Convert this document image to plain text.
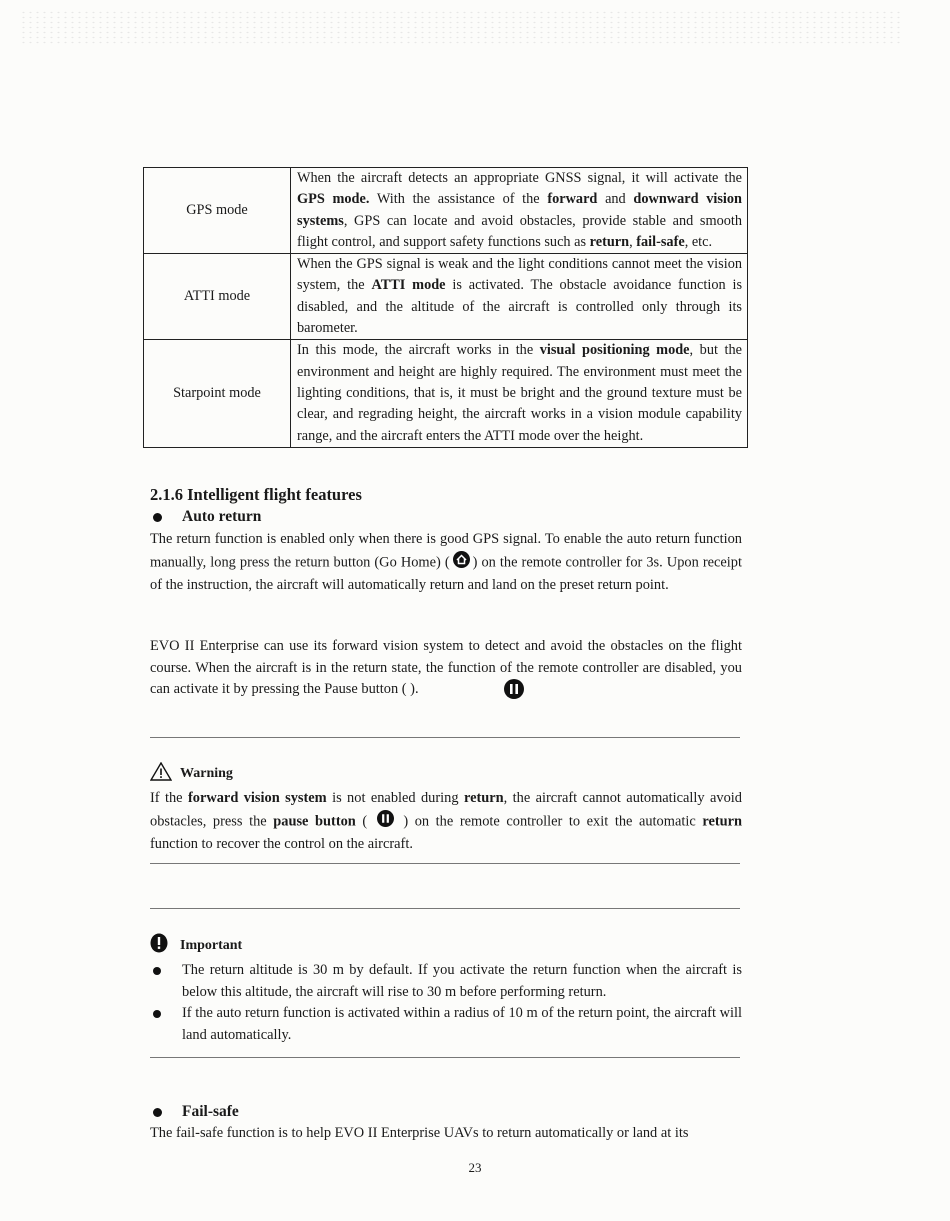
GPS mode	When the aircraft detects an appropriate GNSS signal, it will activate the GPS mode. With the assistance of the forward and downward vision systems, GPS can locate and avoid obstacles, provide stable and smooth flight control, and support safety functions such as return, fail-safe, etc.

ATTI mode	When the GPS signal is weak and the light conditions cannot meet the vision system, the ATTI mode is activated. The obstacle avoidance function is disabled, and the altitude of the aircraft is controlled only through its barometer.

Starpoint mode	In this mode, the aircraft works in the visual positioning mode, but the environment and height are highly required. The environment must meet the lighting conditions, that is, it must be bright and the ground texture must be clear, and regrading height, the aircraft works in a vision module capability range, and the aircraft enters the ATTI mode over the height.

2.1.6 Intelligent flight features
Auto return

The return function is enabled only when there is good GPS signal. To enable the auto return function manually, long press the return button (Go Home) ( ) on the remote controller for 3s. Upon receipt of the instruction, the aircraft will automatically return and land on the preset return point.

EVO II Enterprise can use its forward vision system to detect and avoid the obstacles on the flight course. When the aircraft is in the return state, the function of the remote controller are disabled, you can activate it by pressing the Pause button ( ).

Warning

If the forward vision system is not enabled during return, the aircraft cannot automatically avoid obstacles, press the pause button (  ) on the remote controller to exit the automatic return function to recover the control on the aircraft.

Important
The return altitude is 30 m by default. If you activate the return function when the aircraft is below this altitude, the aircraft will rise to 30 m before performing return.
If the auto return function is activated within a radius of 10 m of the return point, the aircraft will land automatically.
Fail-safe

The fail-safe function is to help EVO II Enterprise UAVs to return automatically or land at its

23
